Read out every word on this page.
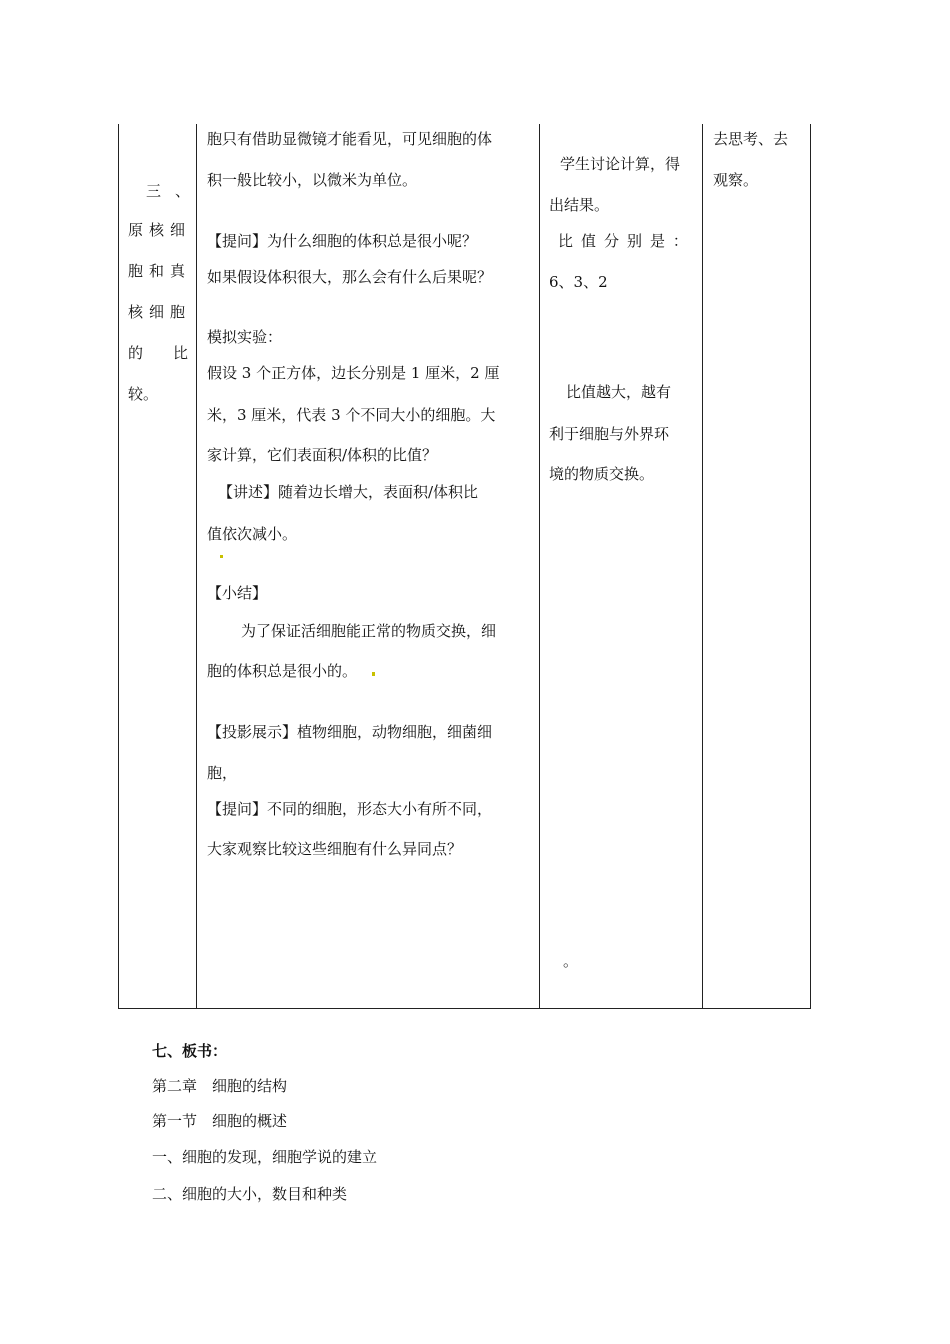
三 、
原核细
胞和真
核细胞
的 比
较。
胞只有借助显微镜才能看见，可见细胞的体
积一般比较小，以微米为单位。
【提问】为什么细胞的体积总是很小呢？
如果假设体积很大，那么会有什么后果呢？
模拟实验：
假设 3 个正方体，边长分别是 1 厘米，2 厘
米，3 厘米，代表 3 个不同大小的细胞。大
家计算，它们表面积/体积的比值？
【讲述】随着边长增大，表面积/体积比
值依次减小。
【小结】
为了保证活细胞能正常的物质交换，细
胞的体积总是很小的。
【投影展示】植物细胞，动物细胞，细菌细
胞，
【提问】不同的细胞，形态大小有所不同，
大家观察比较这些细胞有什么异同点？
学生讨论计算，得
出结果。
比 值 分 别 是 ：
6、3、2
比值越大，越有
利于细胞与外界环
境的物质交换。
。
去思考、去
观察。
七、板书：
第二章　细胞的结构
第一节　细胞的概述
一、细胞的发现，细胞学说的建立
二、细胞的大小，数目和种类
